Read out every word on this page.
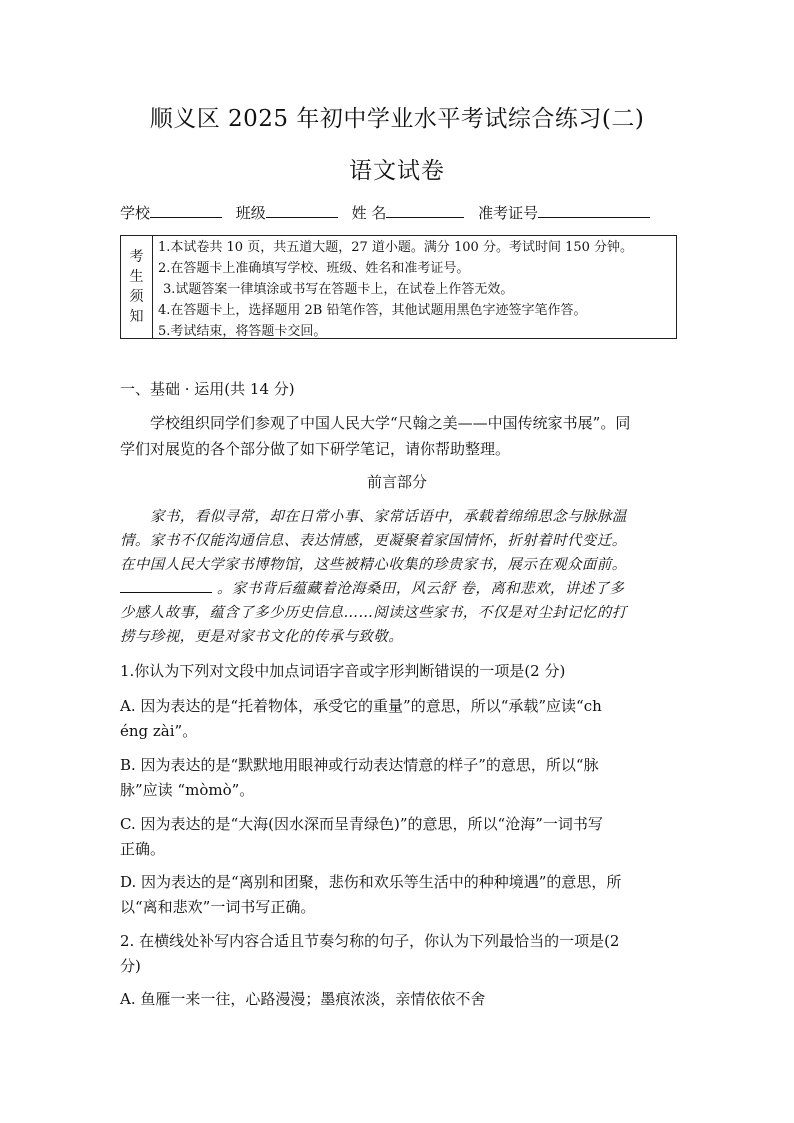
顺义区 2025 年初中学业水平考试综合练习(二)
语文试卷
学校	班级	姓 名	准考证号
考
生
须
知
1.本试卷共 10 页，共五道大题，27 道小题。满分 100 分。考试时间 150 分钟。
2.在答题卡上准确填写学校、班级、姓名和准考证号。
3.试题答案一律填涂或书写在答题卡上，在试卷上作答无效。
4.在答题卡上，选择题用 2B 铅笔作答，其他试题用黑色字迹签字笔作答。
5.考试结束，将答题卡交回。
一、基础 · 运用(共 14 分)
学校组织同学们参观了中国人民大学“尺翰之美——中国传统家书展”。同
学们对展览的各个部分做了如下研学笔记，请你帮助整理。
前言部分
家书，看似寻常，却在日常小事、家常话语中，承载着绵绵思念与脉脉温
情。家书不仅能沟通信息、表达情感，更凝聚着家国情怀，折射着时代变迁。
在中国人民大学家书博物馆，这些被精心收集的珍贵家书，展示在观众面前。
。家书背后蕴藏着沧海桑田，风云舒 卷，离和悲欢，讲述了多
少感人故事，蕴含了多少历史信息……阅读这些家书，不仅是对尘封记忆的打
捞与珍视，更是对家书文化的传承与致敬。
1.你认为下列对文段中加点词语字音或字形判断错误的一项是(2 分)
A. 因为表达的是“托着物体，承受它的重量”的意思，所以“承载”应读“ch
éng zài”。
B. 因为表达的是“默默地用眼神或行动表达情意的样子”的意思，所以“脉
脉”应读 “mòmò”。
C. 因为表达的是“大海(因水深而呈青绿色)”的意思，所以“沧海”一词书写
正确。
D. 因为表达的是“离别和团聚，悲伤和欢乐等生活中的种种境遇”的意思，所
以“离和悲欢”一词书写正确。
2. 在横线处补写内容合适且节奏匀称的句子，你认为下列最恰当的一项是(2
分)
A. 鱼雁一来一往，心路漫漫；墨痕浓淡，亲情依依不舍
